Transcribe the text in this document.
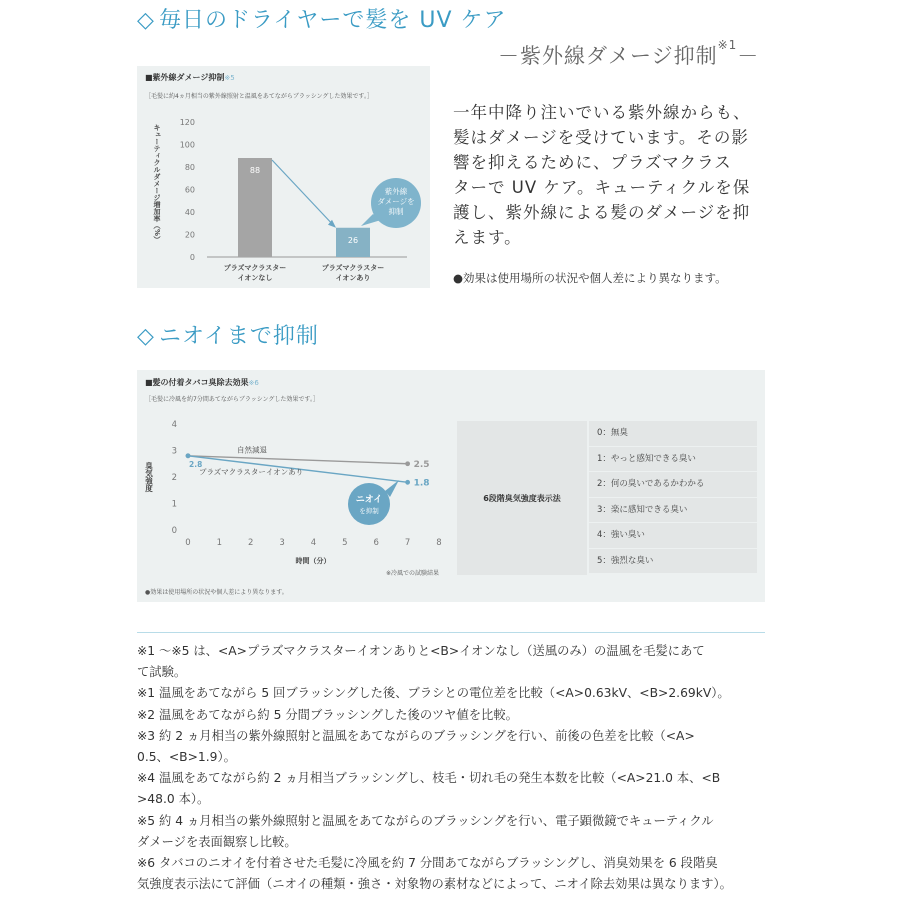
◇ 毎日のドライヤーで髪を UV ケア
－紫外線ダメージ抑制$^{※1}$－
■紫外線ダメージ抑制※5
［毛髪に約4ヵ月相当の紫外線照射と温風をあてながらブラッシングした効果です。］
キューティクルダメージ増加率（%）
0
20
40
60
80
100
120
88
プラズマクラスター
イオンなし
26
プラズマクラスター
イオンあり
紫外線
ダメージを
抑制
一年中降り注いでいる紫外線からも、
髪はダメージを受けています。その影
響を抑えるために、プラズマクラス
ターで UV ケア。キューティクルを保
護し、紫外線による髪のダメージを抑
えます。
●効果は使用場所の状況や個人差により異なります。
◇ ニオイまで抑制
■髪の付着タバコ臭除去効果※6
［毛髪に冷風を約7分間あてながらブラッシングした効果です。］
臭気強度
0
1
2
3
4
0	1	2	3	4	5	6	7	8
時間（分）
※冷風での試験結果
2.5
自然減退
1.8
プラズマクラスターイオンあり
2.8
ニオイ
を抑制
●効果は使用場所の状況や個人差により異なります。
6段階臭気強度表示法
0：無臭
1：やっと感知できる臭い
2：何の臭いであるかわかる
3：楽に感知できる臭い
4：強い臭い
5：強烈な臭い

※1 ～※5 は、<A>プラズマクラスターイオンありと<B>イオンなし（送風のみ）の温風を毛髪にあて

て試験。

※1 温風をあてながら 5 回ブラッシングした後、ブラシとの電位差を比較（<A>0.63kV、<B>2.69kV）。

※2 温風をあてながら約 5 分間ブラッシングした後のツヤ値を比較。

※3 約 2 ヵ月相当の紫外線照射と温風をあてながらのブラッシングを行い、前後の色差を比較（<A>

0.5、<B>1.9）。

※4 温風をあてながら約 2 ヵ月相当ブラッシングし、枝毛・切れ毛の発生本数を比較（<A>21.0 本、<B

>48.0 本）。

※5 約 4 ヵ月相当の紫外線照射と温風をあてながらのブラッシングを行い、電子顕微鏡でキューティクル

ダメージを表面観察し比較。

※6 タバコのニオイを付着させた毛髪に冷風を約 7 分間あてながらブラッシングし、消臭効果を 6 段階臭

気強度表示法にて評価（ニオイの種類・強さ・対象物の素材などによって、ニオイ除去効果は異なります）。
